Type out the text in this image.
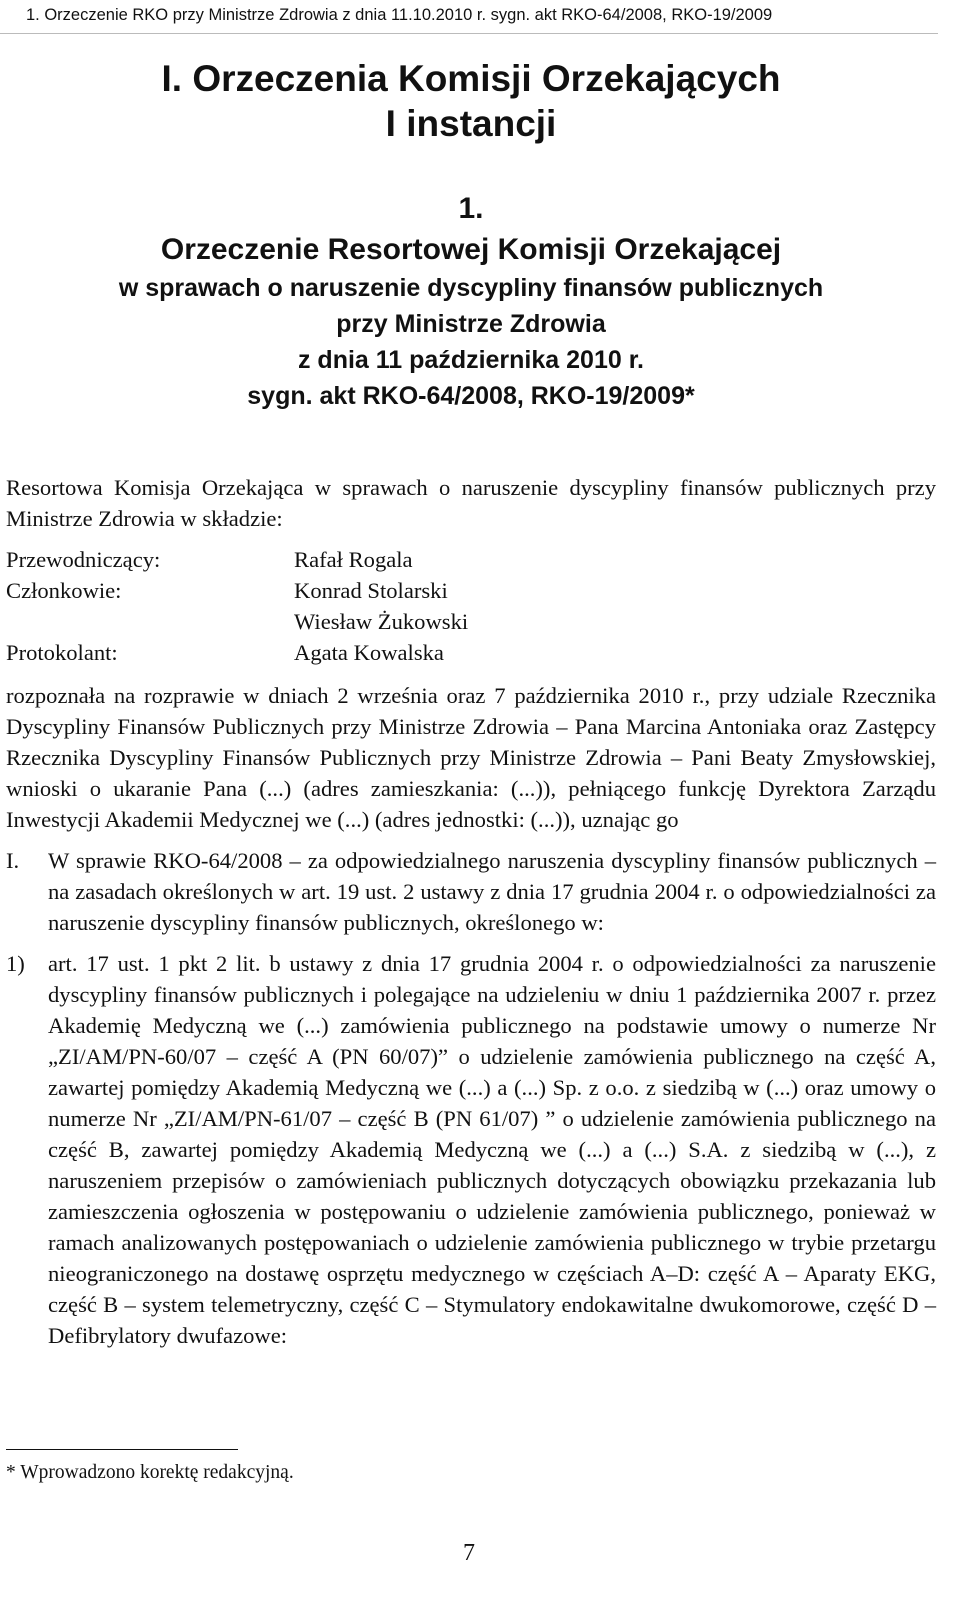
1. Orzeczenie RKO przy Ministrze Zdrowia z dnia 11.10.2010 r. sygn. akt RKO-64/2008, RKO-19/2009
I. Orzeczenia Komisji Orzekających
I instancji
1.
Orzeczenie Resortowej Komisji Orzekającej
w sprawach o naruszenie dyscypliny finansów publicznych
przy Ministrze Zdrowia
z dnia 11 października 2010 r.
sygn. akt RKO-64/2008, RKO-19/2009*
Resortowa Komisja Orzekająca w sprawach o naruszenie dyscypliny finansów publicznych przy Ministrze Zdrowia w składzie:
Przewodniczący:	Rafał Rogala
Członkowie:	Konrad Stolarski
Wiesław Żukowski
Protokolant:	Agata Kowalska
rozpoznała na rozprawie w dniach 2 września oraz 7 października 2010 r., przy udziale Rzecznika Dyscypliny Finansów Publicznych przy Ministrze Zdrowia – Pana Marcina Antoniaka oraz Zastępcy Rzecznika Dyscypliny Finansów Publicznych przy Ministrze Zdrowia – Pani Beaty Zmysłowskiej, wnioski o ukaranie Pana (...) (adres zamieszkania: (...)), pełniącego funkcję Dyrektora Zarządu Inwestycji Akademii Medycznej we (...) (adres jednostki: (...)), uznając go
I.	W sprawie RKO-64/2008 – za odpowiedzialnego naruszenia dyscypliny finansów publicznych – na zasadach określonych w art. 19 ust. 2 ustawy z dnia 17 grudnia 2004 r. o odpowiedzialności za naruszenie dyscypliny finansów publicznych, określonego w:
1)	art. 17 ust. 1 pkt 2 lit. b ustawy z dnia 17 grudnia 2004 r. o odpowiedzialności za naruszenie dyscypliny finansów publicznych i polegające na udzieleniu w dniu 1 października 2007 r. przez Akademię Medyczną we (...) zamówienia publicznego na podstawie umowy o numerze Nr „ZI/AM/PN-60/07 – część A (PN 60/07)” o udzielenie zamówienia publicznego na część A, zawartej pomiędzy Akademią Medyczną we (...) a (...) Sp. z o.o. z siedzibą w (...) oraz umowy o numerze Nr „ZI/AM/PN-61/07 – część B (PN 61/07) ” o udzielenie zamówienia publicznego na część B, zawartej pomiędzy Akademią Medyczną we (...) a (...) S.A. z siedzibą w (...), z naruszeniem przepisów o zamówieniach publicznych dotyczących obowiązku przekazania lub zamieszczenia ogłoszenia w postępowaniu o udzielenie zamówienia publicznego, ponieważ w ramach analizowanych postępowaniach o udzielenie zamówienia publicznego w trybie przetargu nieograniczonego na dostawę osprzętu medycznego w częściach A–D: część A – Aparaty EKG, część B – system telemetryczny, część C – Stymulatory endokawitalne dwukomorowe, część D – Defibrylatory dwufazowe:
* Wprowadzono korektę redakcyjną.
7
